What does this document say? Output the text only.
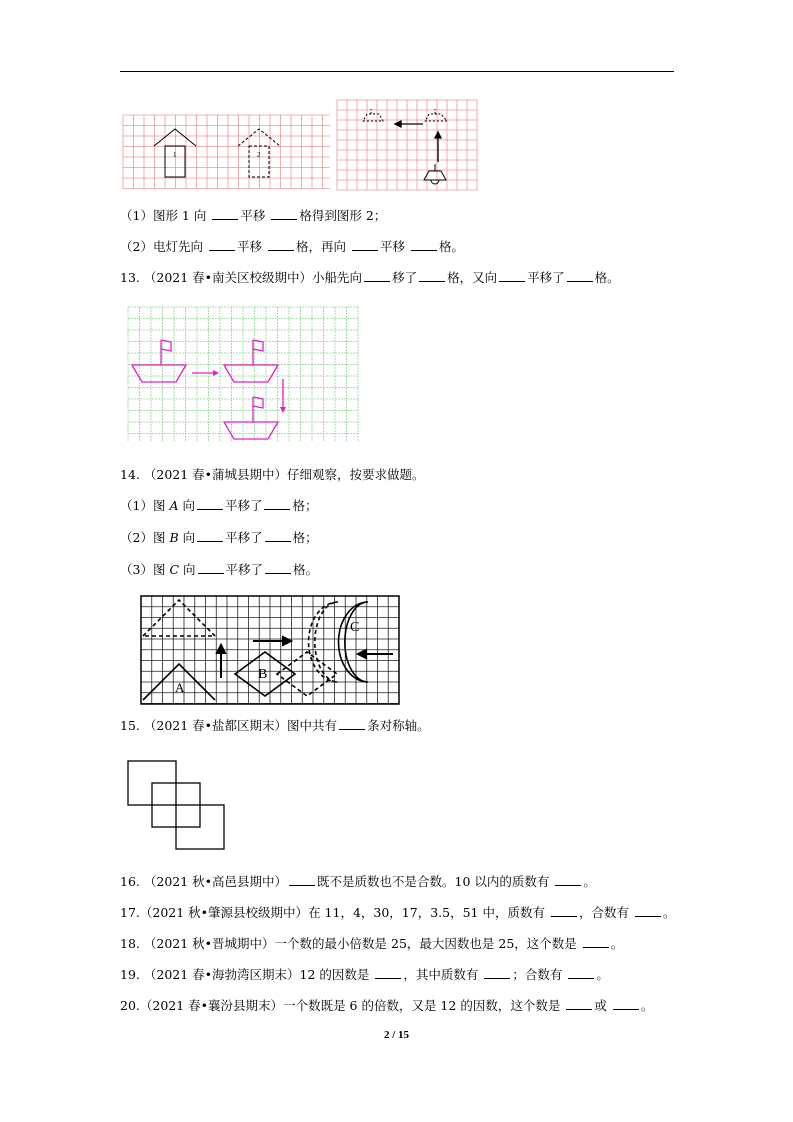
1	2
（1）图形 1 向	平移	格得到图形 2；
（2）电灯先向	平移	格，再向	平移	格。
13. （2021 春•南关区校级期中）小船先向 移了 格，又向 平移了 格。
14. （2021 春•蒲城县期中）仔细观察，按要求做题。
（1）图 A 向 平移了 格；
（2）图 B 向 平移了 格；
（3）图 C 向 平移了 格。
A
B
C
15. （2021 春•盐都区期末）图中共有 条对称轴。
16. （2021 秋•高邑县期中） 既不是质数也不是合数。10 以内的质数有	。
17.（2021 秋•肇源县校级期中）在 11，4，30，17，3.5，51 中，质数有	，合数有	。
18. （2021 秋•晋城期中）一个数的最小倍数是 25，最大因数也是 25，这个数是	。
19. （2021 春•海勃湾区期末）12 的因数是	，其中质数有	；合数有	。
20.（2021 春•襄汾县期末）一个数既是 6 的倍数，又是 12 的因数，这个数是	或	。
2 / 15
